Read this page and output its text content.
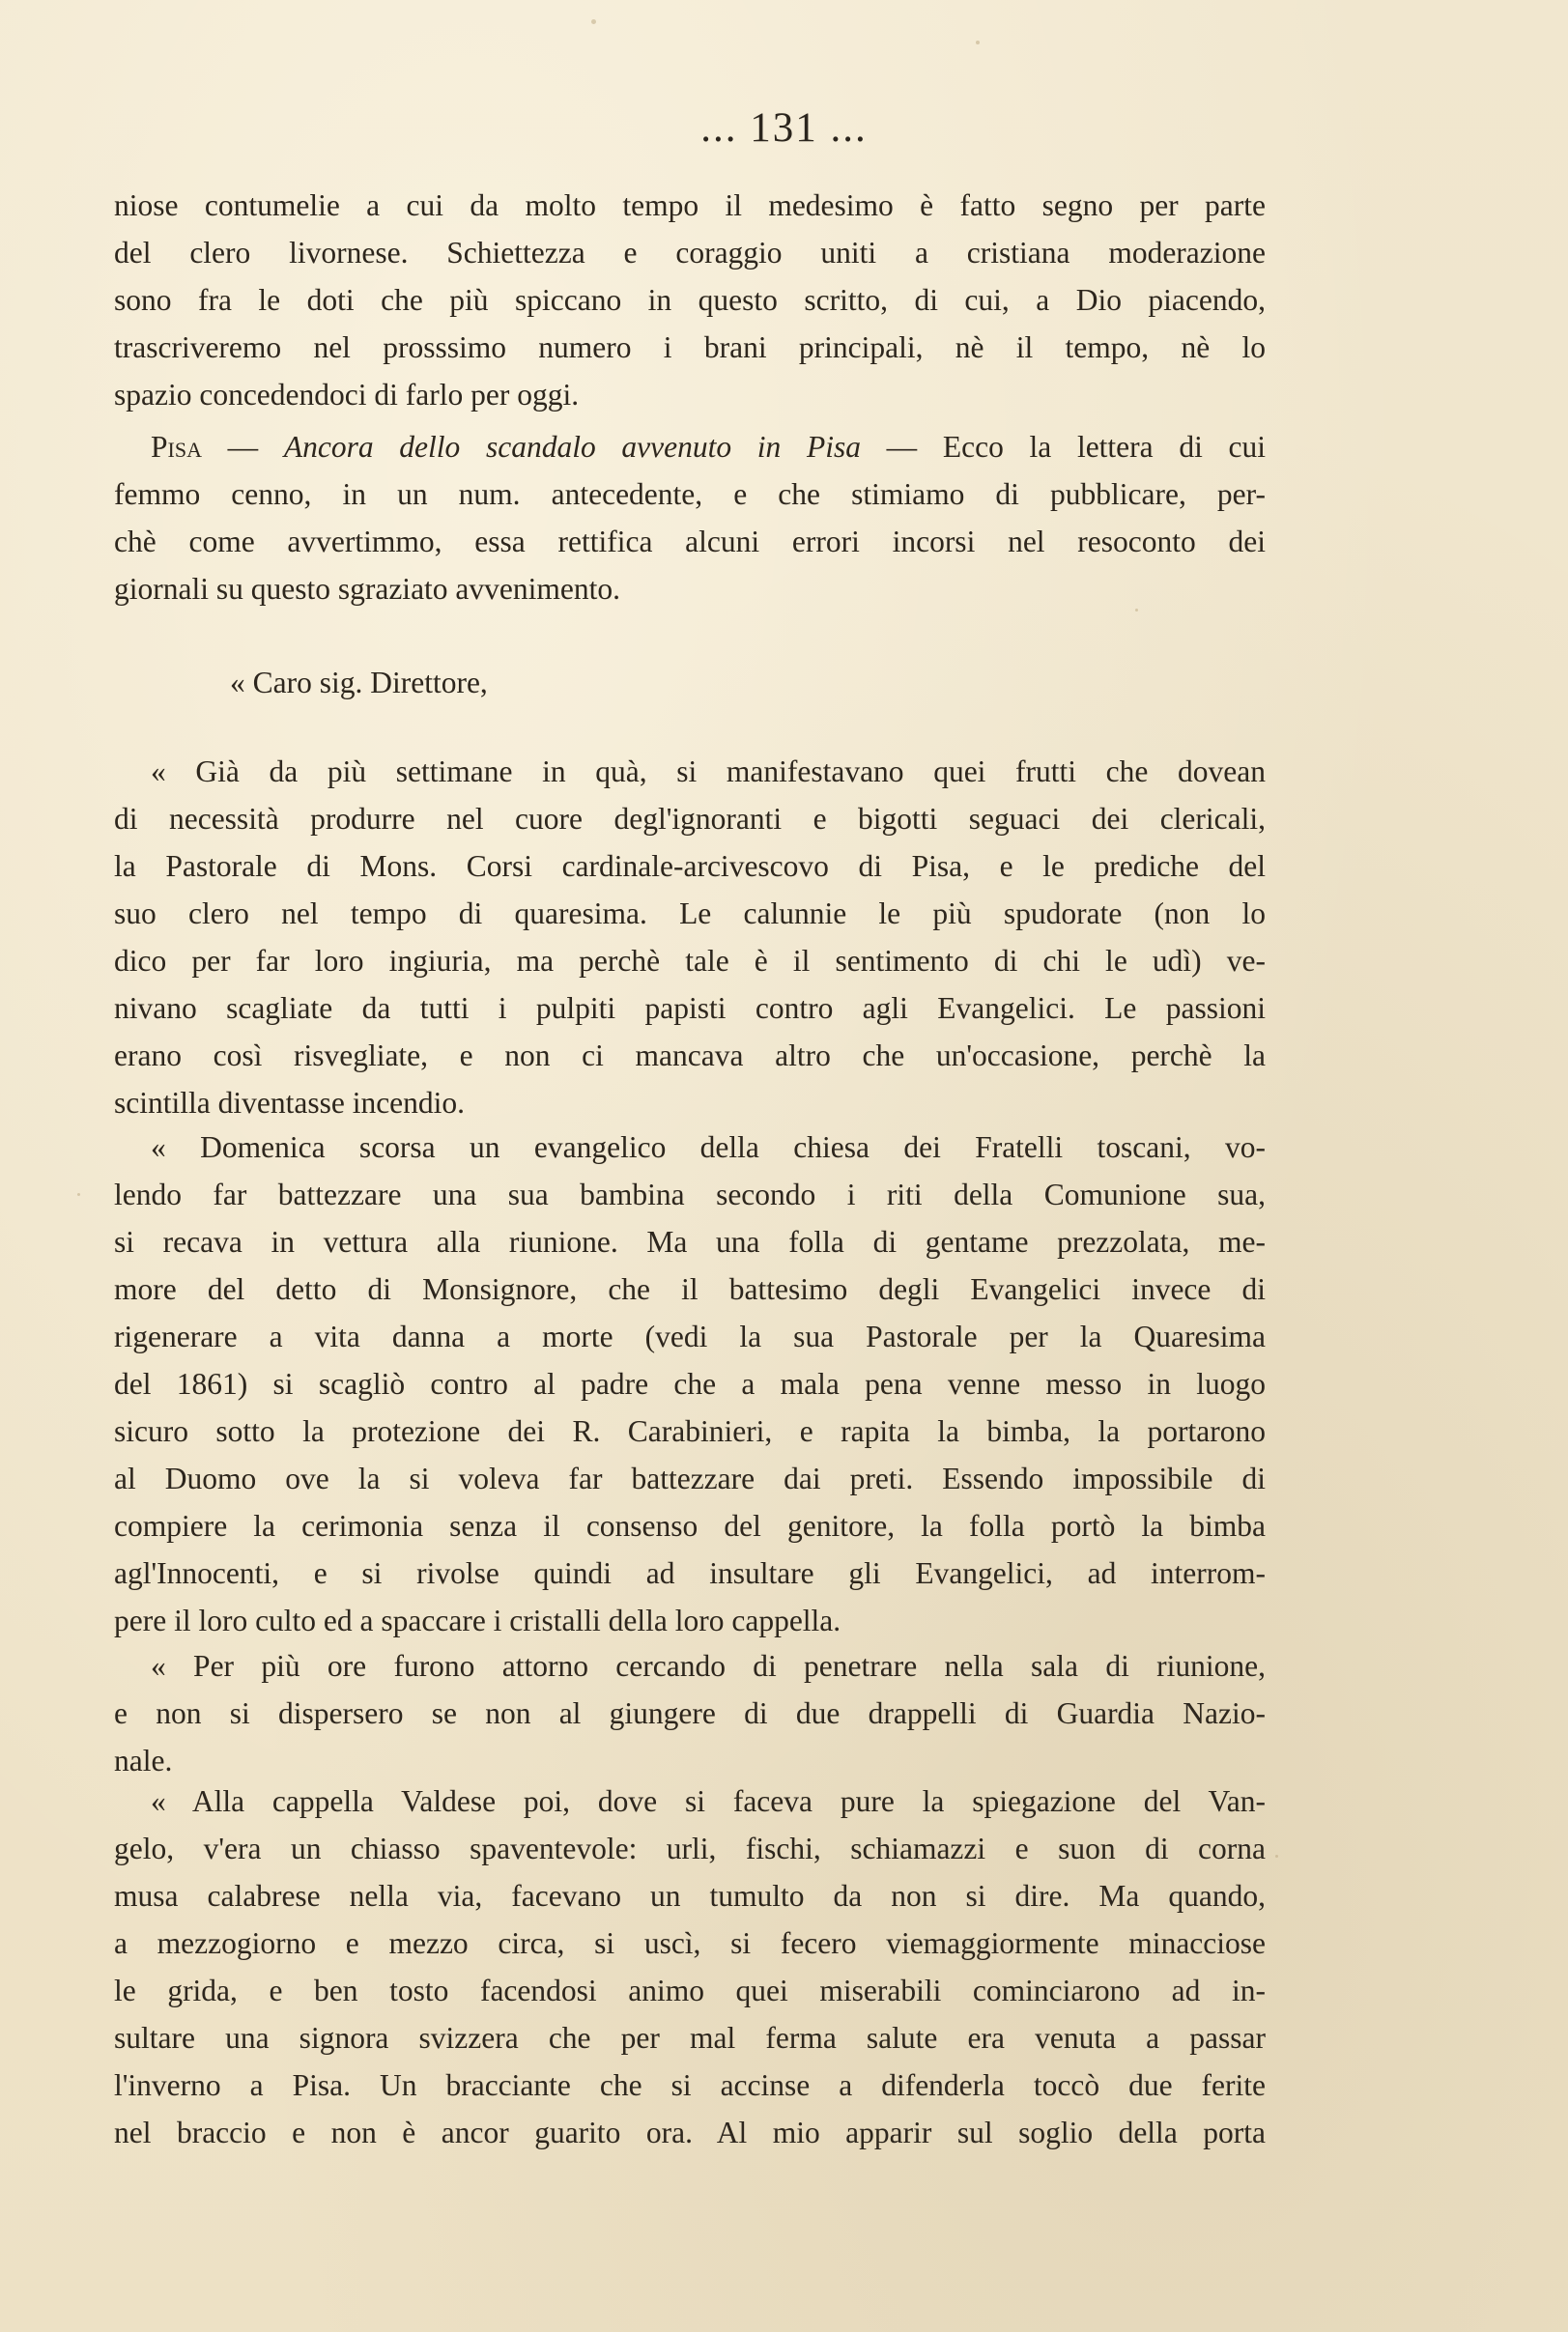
... 131 ...
niose contumelie a cui da molto tempo il medesimo è fatto segno per parte
del clero livornese. Schiettezza e coraggio uniti a cristiana moderazione
sono fra le doti che più spiccano in questo scritto, di cui, a Dio piacendo,
trascriveremo nel prosssimo numero i brani principali, nè il tempo, nè lo
spazio concedendoci di farlo per oggi.
Pisa — Ancora dello scandalo avvenuto in Pisa — Ecco la lettera di cui
femmo cenno, in un num. antecedente, e che stimiamo di pubblicare, per-
chè come avvertimmo, essa rettifica alcuni errori incorsi nel resoconto dei
giornali su questo sgraziato avvenimento.
« Caro sig. Direttore,
« Già da più settimane in quà, si manifestavano quei frutti che dovean
di necessità produrre nel cuore degl'ignoranti e bigotti seguaci dei clericali,
la Pastorale di Mons. Corsi cardinale-arcivescovo di Pisa, e le prediche del
suo clero nel tempo di quaresima. Le calunnie le più spudorate (non lo
dico per far loro ingiuria, ma perchè tale è il sentimento di chi le udì) ve-
nivano scagliate da tutti i pulpiti papisti contro agli Evangelici. Le passioni
erano così risvegliate, e non ci mancava altro che un'occasione, perchè la
scintilla diventasse incendio.
« Domenica scorsa un evangelico della chiesa dei Fratelli toscani, vo-
lendo far battezzare una sua bambina secondo i riti della Comunione sua,
si recava in vettura alla riunione. Ma una folla di gentame prezzolata, me-
more del detto di Monsignore, che il battesimo degli Evangelici invece di
rigenerare a vita danna a morte (vedi la sua Pastorale per la Quaresima
del 1861) si scagliò contro al padre che a mala pena venne messo in luogo
sicuro sotto la protezione dei R. Carabinieri, e rapita la bimba, la portarono
al Duomo ove la si voleva far battezzare dai preti. Essendo impossibile di
compiere la cerimonia senza il consenso del genitore, la folla portò la bimba
agl'Innocenti, e si rivolse quindi ad insultare gli Evangelici, ad interrom-
pere il loro culto ed a spaccare i cristalli della loro cappella.
« Per più ore furono attorno cercando di penetrare nella sala di riunione,
e non si dispersero se non al giungere di due drappelli di Guardia Nazio-
nale.
« Alla cappella Valdese poi, dove si faceva pure la spiegazione del Van-
gelo, v'era un chiasso spaventevole: urli, fischi, schiamazzi e suon di corna
musa calabrese nella via, facevano un tumulto da non si dire. Ma quando,
a mezzogiorno e mezzo circa, si uscì, si fecero viemaggiormente minacciose
le grida, e ben tosto facendosi animo quei miserabili cominciarono ad in-
sultare una signora svizzera che per mal ferma salute era venuta a passar
l'inverno a Pisa. Un bracciante che si accinse a difenderla toccò due ferite
nel braccio e non è ancor guarito ora. Al mio apparir sul soglio della porta
